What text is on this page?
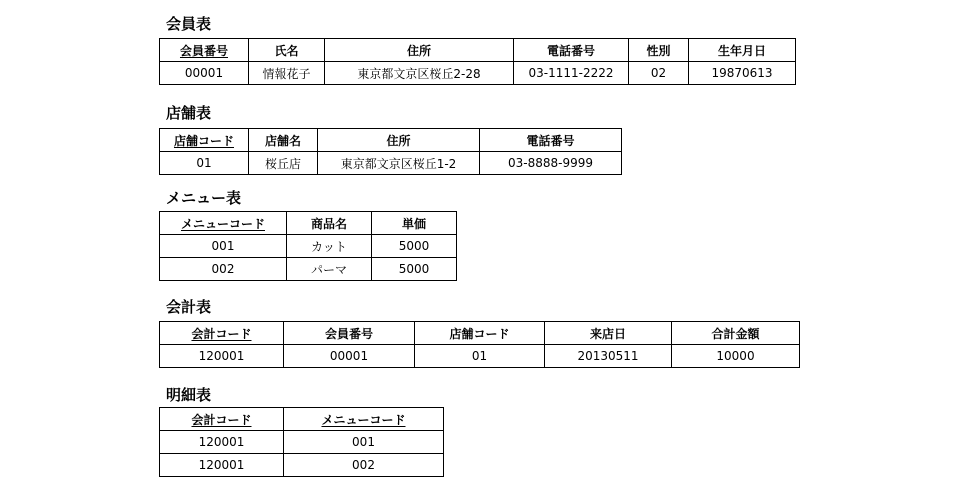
会員表
会員番号	氏名	住所	電話番号	性別	生年月日
00001	情報花子	東京都文京区桜丘2-28	03-1111-2222	02	19870613
店舗表
店舗コード	店舗名	住所	電話番号
01	桜丘店	東京都文京区桜丘1-2	03-8888-9999
メニュー表
メニューコード	商品名	単価
001	カット	5000
002	パーマ	5000
会計表
会計コード	会員番号	店舗コード	来店日	合計金額
120001	00001	01	20130511	10000
明細表
会計コード	メニューコード
120001	001
120001	002
